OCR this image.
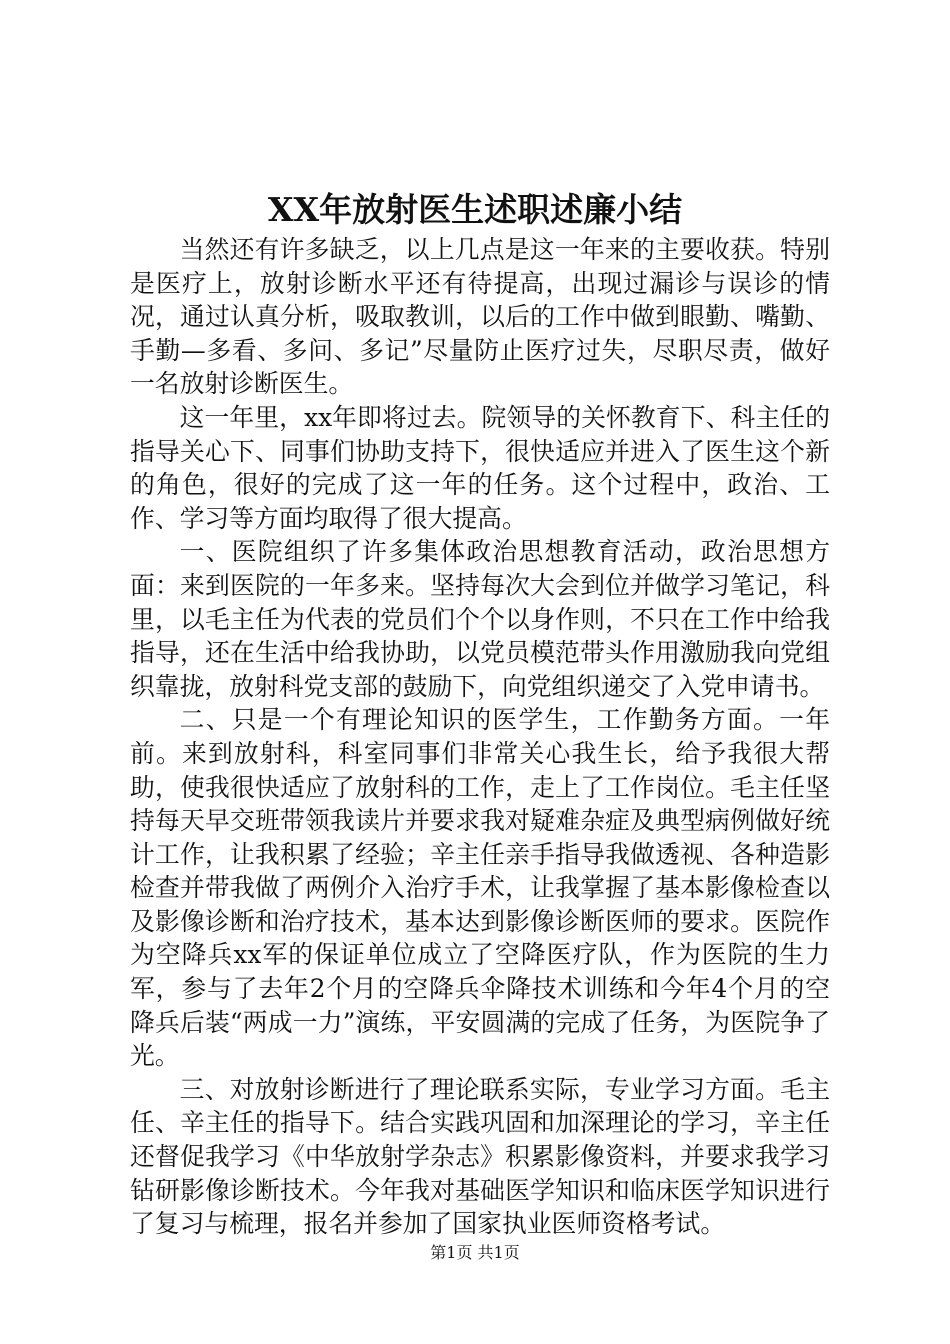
XX年放射医生述职述廉小结

当然还有许多缺乏，以上几点是这一年来的主要收获。特别是医疗上，放射诊断水平还有待提高，出现过漏诊与误诊的情况，通过认真分析，吸取教训，以后的工作中做到眼勤、嘴勤、手勤—多看、多问、多记”尽量防止医疗过失，尽职尽责，做好一名放射诊断医生。

这一年里，xx年即将过去。院领导的关怀教育下、科主任的指导关心下、同事们协助支持下，很快适应并进入了医生这个新的角色，很好的完成了这一年的任务。这个过程中，政治、工作、学习等方面均取得了很大提高。

一、医院组织了许多集体政治思想教育活动，政治思想方面：来到医院的一年多来。坚持每次大会到位并做学习笔记，科里，以毛主任为代表的党员们个个以身作则，不只在工作中给我指导，还在生活中给我协助，以党员模范带头作用激励我向党组织靠拢，放射科党支部的鼓励下，向党组织递交了入党申请书。

二、只是一个有理论知识的医学生，工作勤务方面。一年前。来到放射科，科室同事们非常关心我生长，给予我很大帮助，使我很快适应了放射科的工作，走上了工作岗位。毛主任坚持每天早交班带领我读片并要求我对疑难杂症及典型病例做好统计工作，让我积累了经验；辛主任亲手指导我做透视、各种造影检查并带我做了两例介入治疗手术，让我掌握了基本影像检查以及影像诊断和治疗技术，基本达到影像诊断医师的要求。医院作为空降兵xx军的保证单位成立了空降医疗队，作为医院的生力军，参与了去年2个月的空降兵伞降技术训练和今年4个月的空降兵后装“两成一力”演练，平安圆满的完成了任务，为医院争了光。

三、对放射诊断进行了理论联系实际，专业学习方面。毛主任、辛主任的指导下。结合实践巩固和加深理论的学习，辛主任还督促我学习《中华放射学杂志》积累影像资料，并要求我学习钻研影像诊断技术。今年我对基础医学知识和临床医学知识进行了复习与梳理，报名并参加了国家执业医师资格考试。

第1页 共1页
